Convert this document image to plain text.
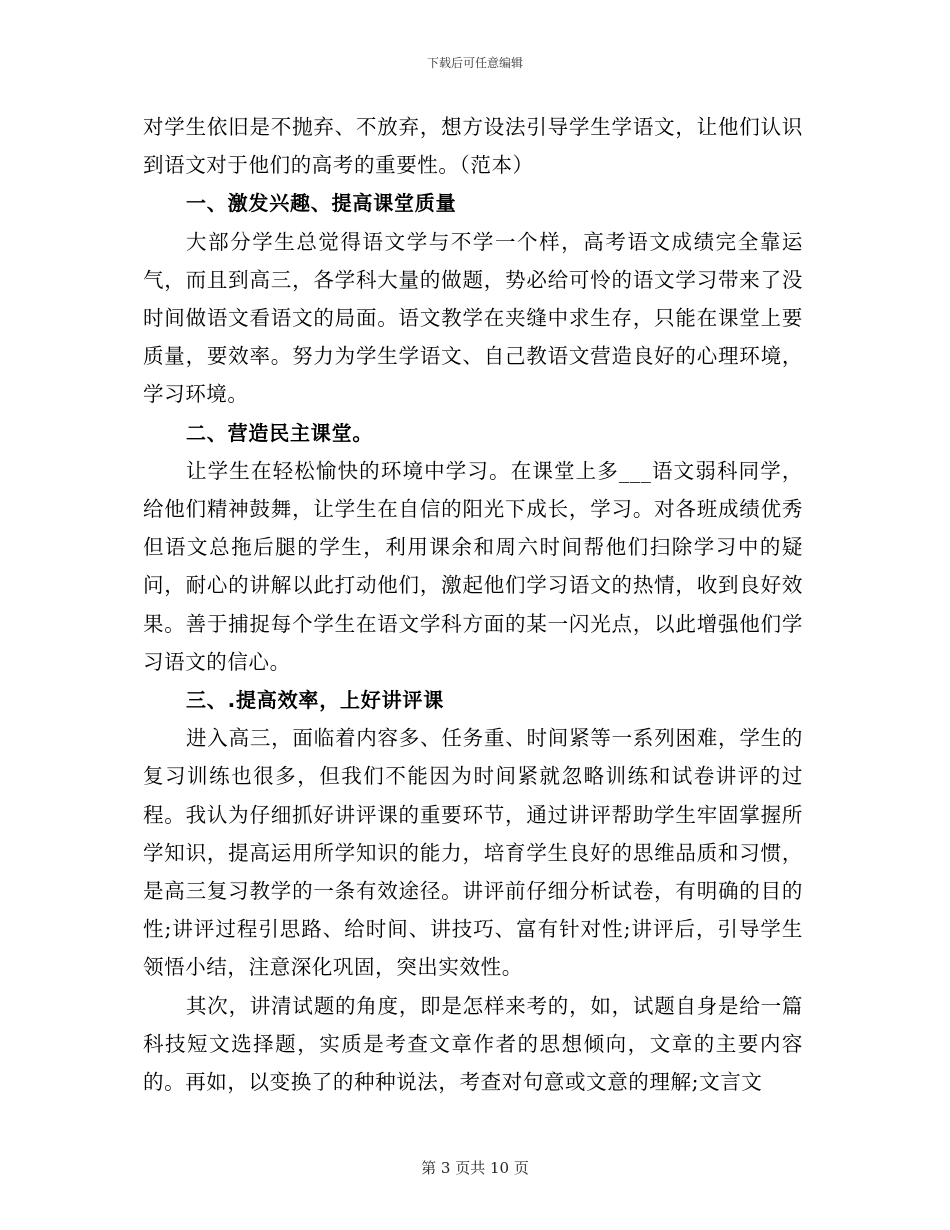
下载后可任意编辑

对学生依旧是不抛弃、不放弃，想方设法引导学生学语文，让他们认识到语文对于他们的高考的重要性。（范本）

一、激发兴趣、提高课堂质量

大部分学生总觉得语文学与不学一个样，高考语文成绩完全靠运气，而且到高三，各学科大量的做题，势必给可怜的语文学习带来了没时间做语文看语文的局面。语文教学在夹缝中求生存，只能在课堂上要质量，要效率。努力为学生学语文、自己教语文营造良好的心理环境，学习环境。

二、营造民主课堂。

让学生在轻松愉快的环境中学习。在课堂上多___语文弱科同学，给他们精神鼓舞，让学生在自信的阳光下成长，学习。对各班成绩优秀但语文总拖后腿的学生，利用课余和周六时间帮他们扫除学习中的疑问，耐心的讲解以此打动他们，激起他们学习语文的热情，收到良好效果。善于捕捉每个学生在语文学科方面的某一闪光点，以此增强他们学习语文的信心。

三、.提高效率，上好讲评课

进入高三，面临着内容多、任务重、时间紧等一系列困难，学生的复习训练也很多，但我们不能因为时间紧就忽略训练和试卷讲评的过程。我认为仔细抓好讲评课的重要环节，通过讲评帮助学生牢固掌握所学知识，提高运用所学知识的能力，培育学生良好的思维品质和习惯，是高三复习教学的一条有效途径。讲评前仔细分析试卷，有明确的目的性;讲评过程引思路、给时间、讲技巧、富有针对性;讲评后，引导学生领悟小结，注意深化巩固，突出实效性。

其次，讲清试题的角度，即是怎样来考的，如，试题自身是给一篇科技短文选择题，实质是考查文章作者的思想倾向，文章的主要内容的。再如，以变换了的种种说法，考查对句意或文意的理解;文言文

第 3 页共 10 页
